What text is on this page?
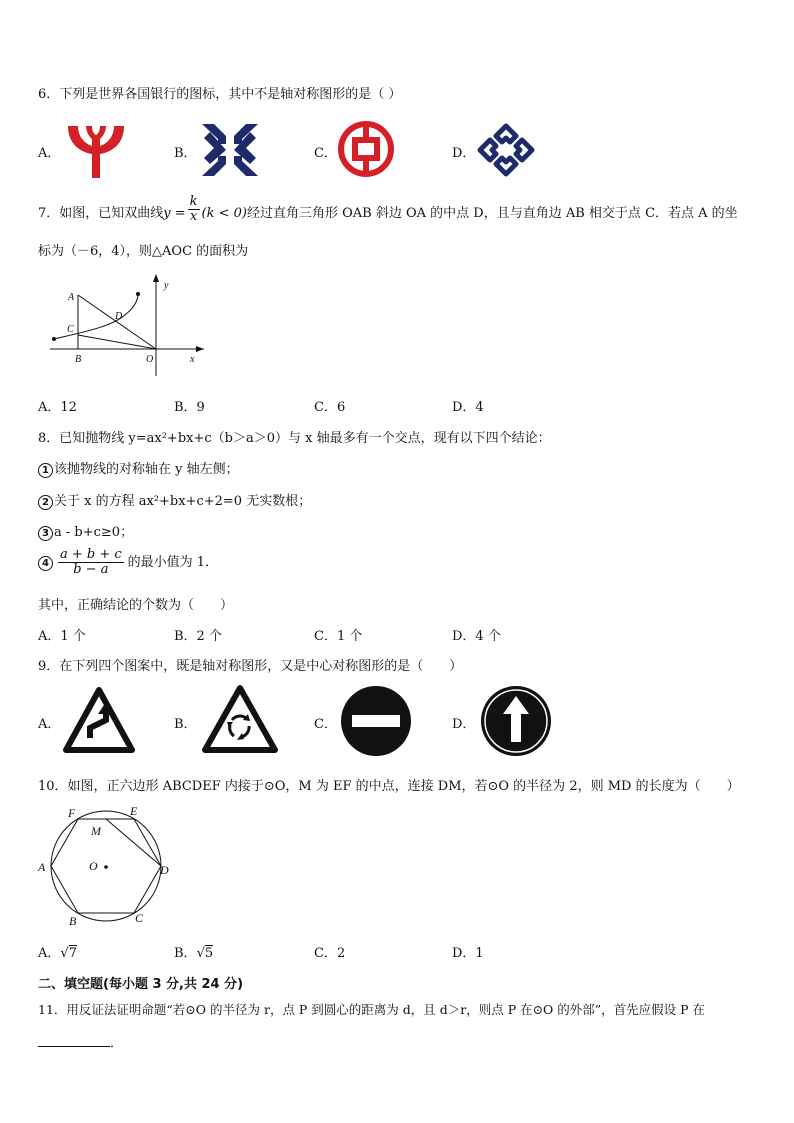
6．下列是世界各国银行的图标，其中不是轴对称图形的是（ ）
A．	B．	C．	D．
7．如图，已知双曲线$y = \frac{k}{x} (k < 0)$经过直角三角形 OAB 斜边 OA 的中点 D，且与直角边 AB 相交于点 C．若点 A 的坐
标为（－6，4），则△AOC 的面积为
A
C
D
B	O	x
y
A．12	B．9	C．6	D．4
8．已知抛物线 y=ax²+bx+c（b＞a＞0）与 x 轴最多有一个交点，现有以下四个结论：
1 该抛物线的对称轴在 y 轴左侧；
2 关于 x 的方程 ax²+bx+c+2=0 无实数根；
3 a - b+c≥0；
$4 \frac{a + b + c}{b - a}$ 的最小值为 1．
其中，正确结论的个数为（　　）
A．1 个	B．2 个	C．1 个	D．4 个
9．在下列四个图案中，既是轴对称图形，又是中心对称图形的是（　　）
A．	B．	C．	D．
10．如图，正六边形 ABCDEF 内接于⊙O，M 为 EF 的中点，连接 DM，若⊙O 的半径为 2，则 MD 的长度为（　　）
F	E
M
A	O	D
B	C
A．√7	B．√5	C．2	D．1
二、填空题(每小题 3 分,共 24 分)
11．用反证法证明命题“若⊙O 的半径为 r，点 P 到圆心的距离为 d，且 d＞r，则点 P 在⊙O 的外部”，首先应假设 P 在
．
